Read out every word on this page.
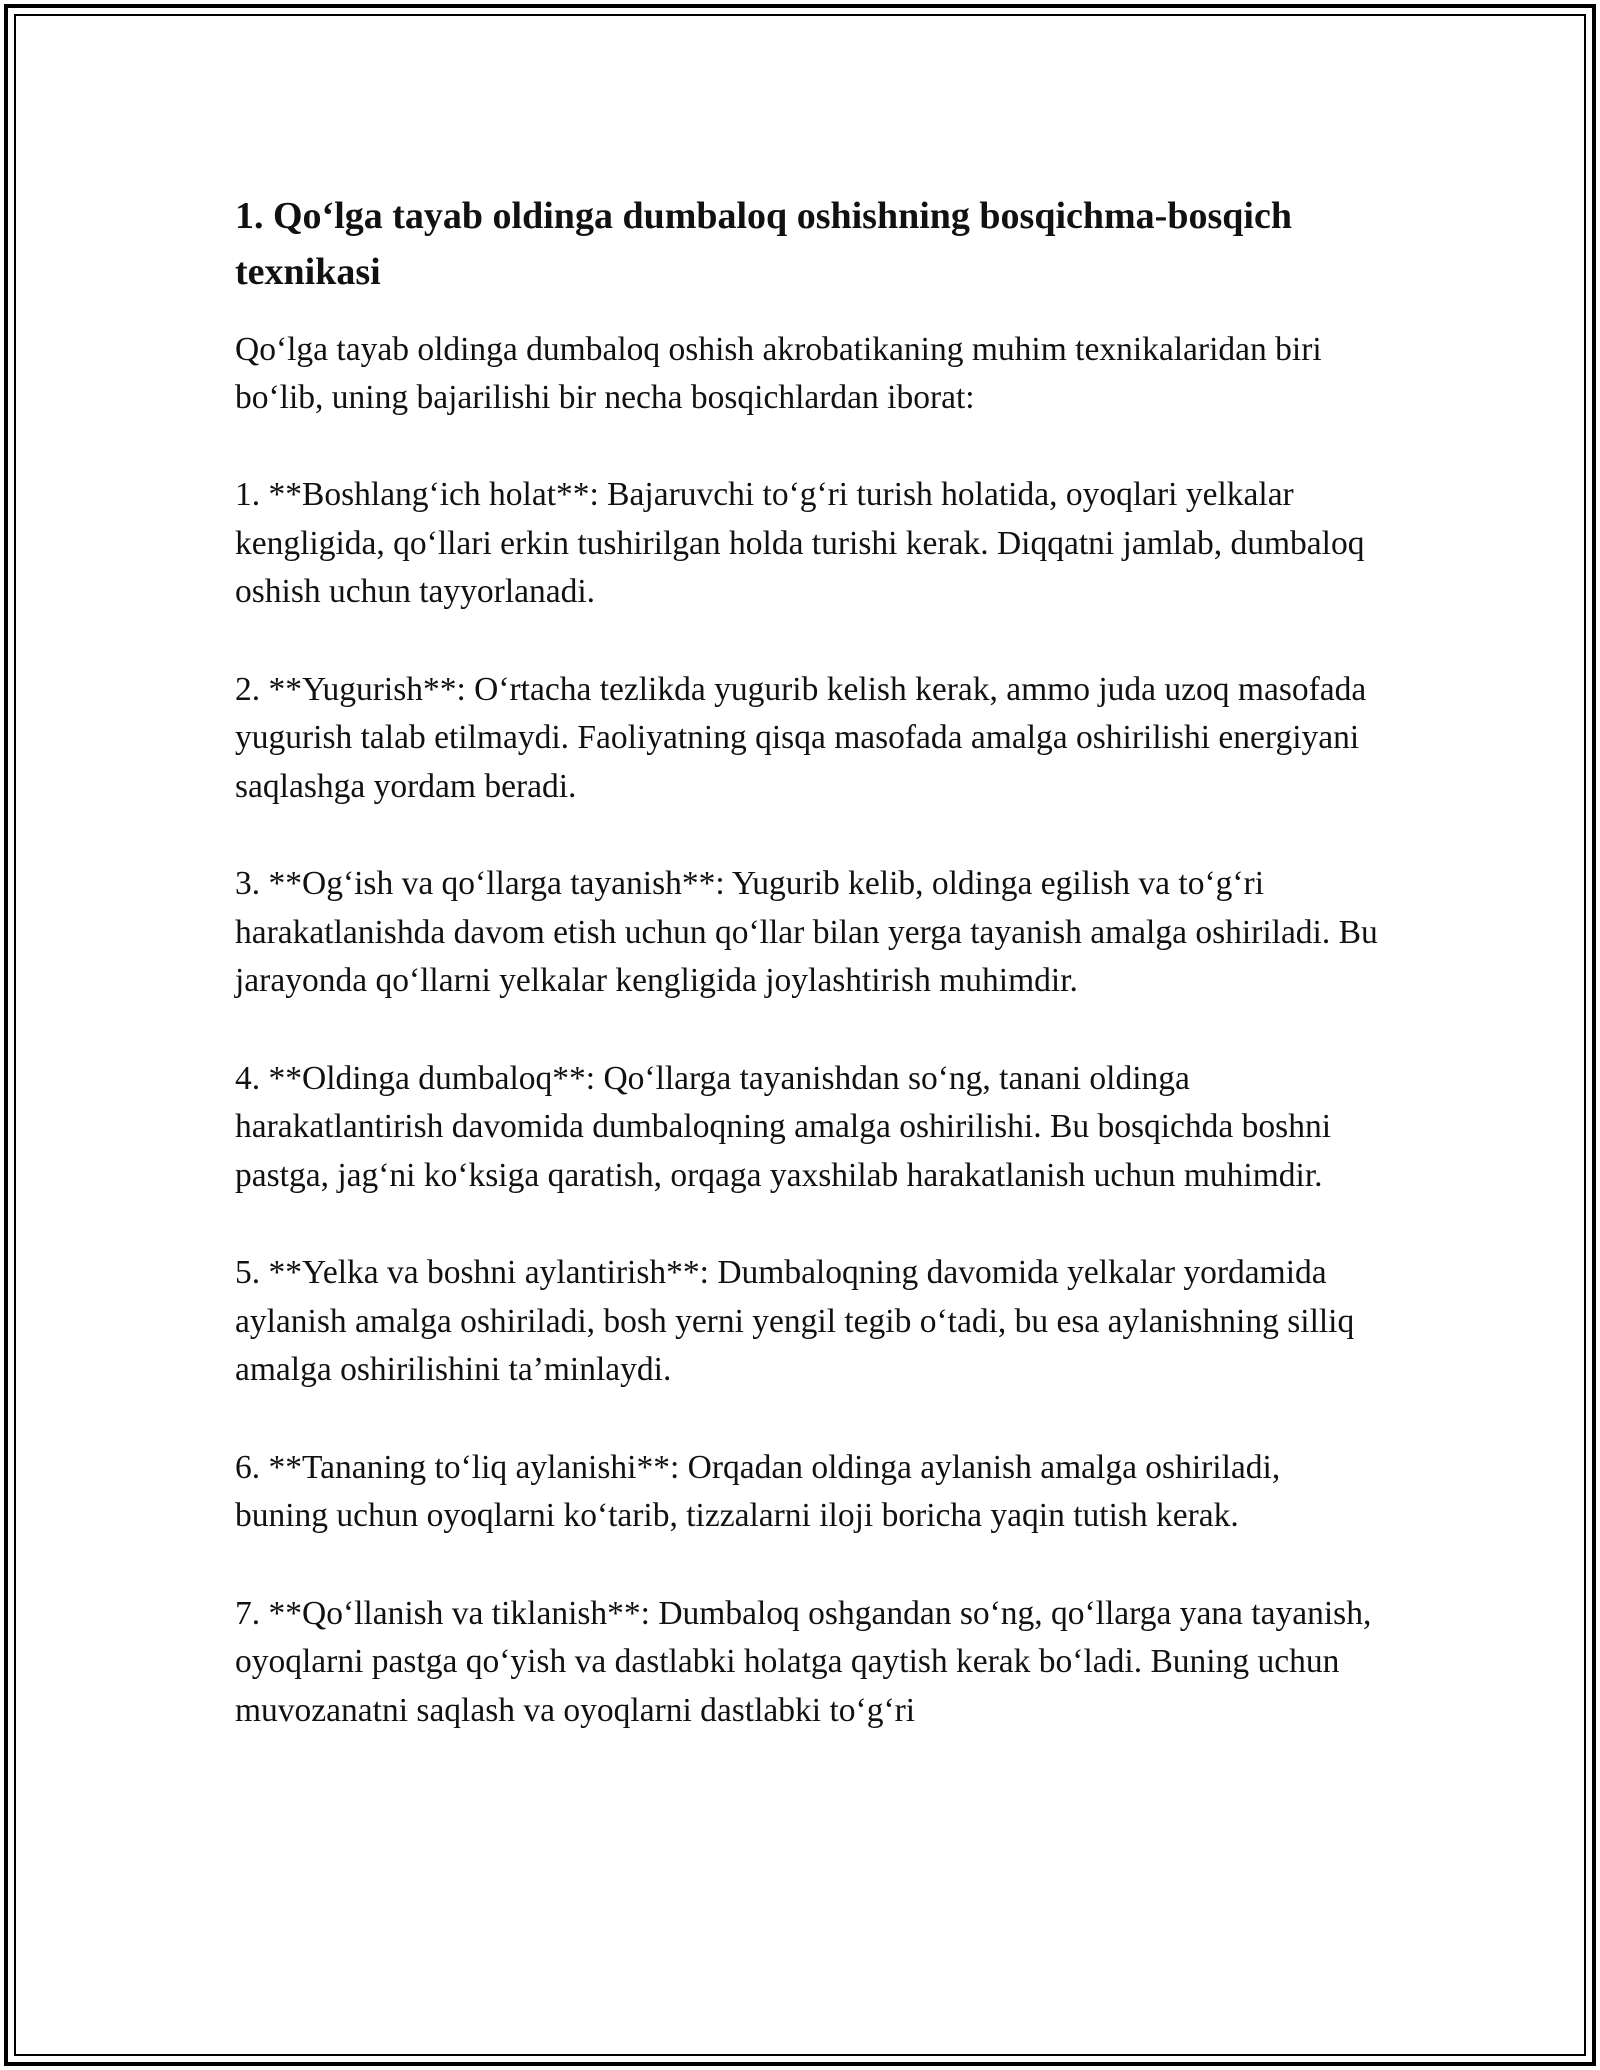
1. Qo‘lga tayab oldinga dumbaloq oshishning bosqichma-bosqich texnikasi

Qo‘lga tayab oldinga dumbaloq oshish akrobatikaning muhim texnikalaridan biri bo‘lib, uning bajarilishi bir necha bosqichlardan iborat:

1. **Boshlang‘ich holat**: Bajaruvchi to‘g‘ri turish holatida, oyoqlari yelkalar kengligida, qo‘llari erkin tushirilgan holda turishi kerak. Diqqatni jamlab, dumbaloq oshish uchun tayyorlanadi.

2. **Yugurish**: O‘rtacha tezlikda yugurib kelish kerak, ammo juda uzoq masofada yugurish talab etilmaydi. Faoliyatning qisqa masofada amalga oshirilishi energiyani saqlashga yordam beradi.

3. **Og‘ish va qo‘llarga tayanish**: Yugurib kelib, oldinga egilish va to‘g‘ri harakatlanishda davom etish uchun qo‘llar bilan yerga tayanish amalga oshiriladi. Bu jarayonda qo‘llarni yelkalar kengligida joylashtirish muhimdir.

4. **Oldinga dumbaloq**: Qo‘llarga tayanishdan so‘ng, tanani oldinga harakatlantirish davomida dumbaloqning amalga oshirilishi. Bu bosqichda boshni pastga, jag‘ni ko‘ksiga qaratish, orqaga yaxshilab harakatlanish uchun muhimdir.

5. **Yelka va boshni aylantirish**: Dumbaloqning davomida yelkalar yordamida aylanish amalga oshiriladi, bosh yerni yengil tegib o‘tadi, bu esa aylanishning silliq amalga oshirilishini ta’minlaydi.

6. **Tananing to‘liq aylanishi**: Orqadan oldinga aylanish amalga oshiriladi, buning uchun oyoqlarni ko‘tarib, tizzalarni iloji boricha yaqin tutish kerak.

7. **Qo‘llanish va tiklanish**: Dumbaloq oshgandan so‘ng, qo‘llarga yana tayanish, oyoqlarni pastga qo‘yish va dastlabki holatga qaytish kerak bo‘ladi. Buning uchun muvozanatni saqlash va oyoqlarni dastlabki to‘g‘ri
